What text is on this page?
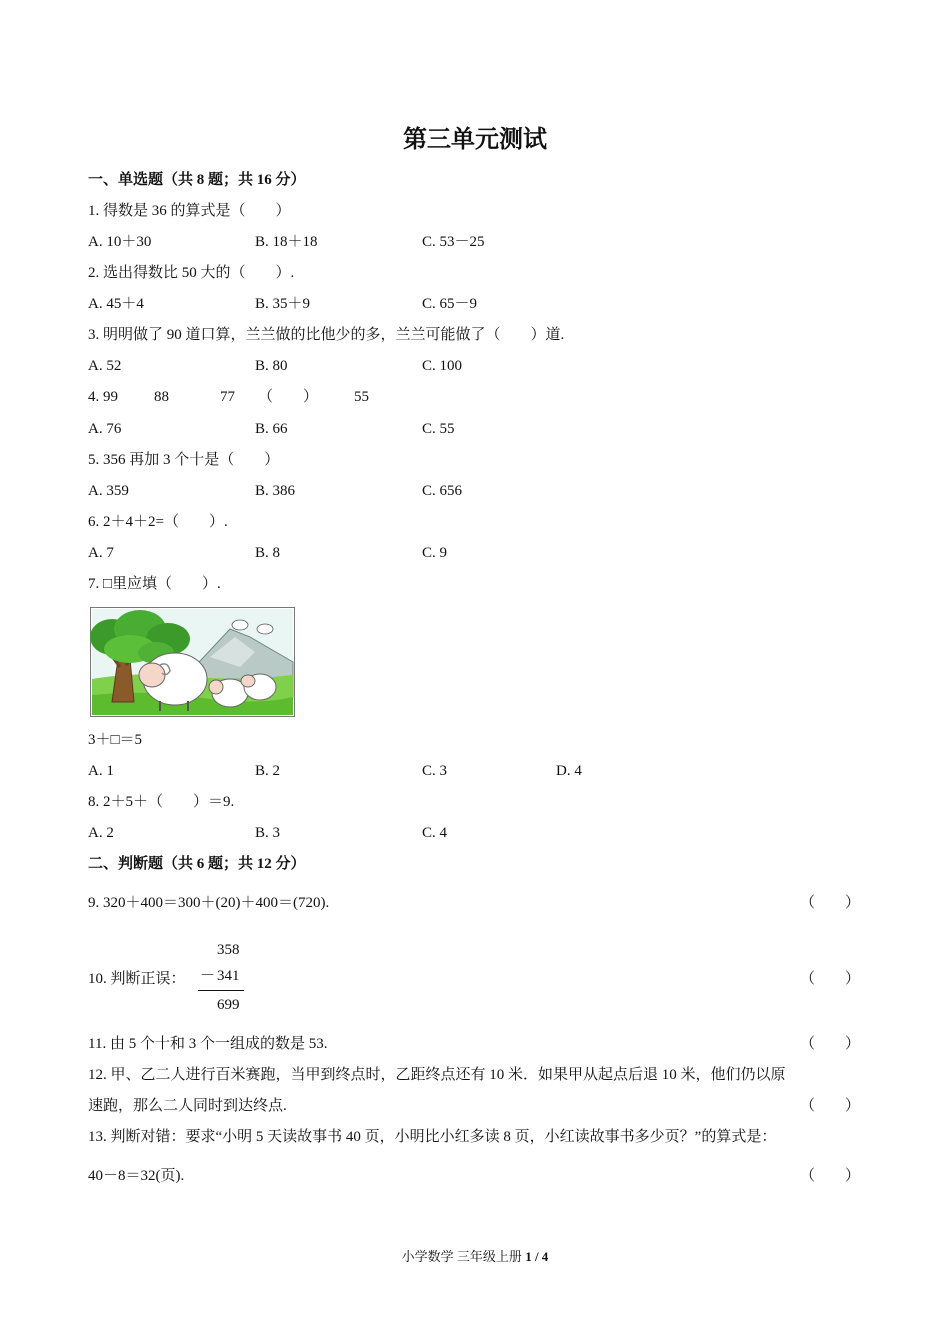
第三单元测试
一、单选题（共 8 题；共 16 分）
1. 得数是 36 的算式是（　　）
A. 10＋30	B. 18＋18	C. 53－25
2. 选出得数比 50 大的（　　）.
A. 45＋4	B. 35＋9	C. 65－9
3. 明明做了 90 道口算，兰兰做的比他少的多，兰兰可能做了（　　）道.
A. 52	B. 80	C. 100
4. 99 88	77 （　　） 55
A. 76	B. 66	C. 55
5. 356 再加 3 个十是（　　）
A. 359	B. 386	C. 656
6. 2＋4＋2=（　　）.
A. 7	B. 8	C. 9
7. □里应填（　　）.
3＋□＝5
A. 1	B. 2	C. 3	D. 4
8. 2＋5＋（　　）＝9.
A. 2	B. 3	C. 4
二、判断题（共 6 题；共 12 分）
9. 320＋400＝300＋(20)＋400＝(720).	（　　）
10. 判断正误：
358
－ 341
699
（　　）
11. 由 5 个十和 3 个一组成的数是 53.	（　　）
12. 甲、乙二人进行百米赛跑，当甲到终点时，乙距终点还有 10 米．如果甲从起点后退 10 米，他们仍以原
速跑，那么二人同时到达终点.	（　　）
13. 判断对错：要求“小明 5 天读故事书 40 页，小明比小红多读 8 页，小红读故事书多少页？”的算式是：
40－8＝32(页).	（　　）
小学数学 三年级上册 1 / 4
